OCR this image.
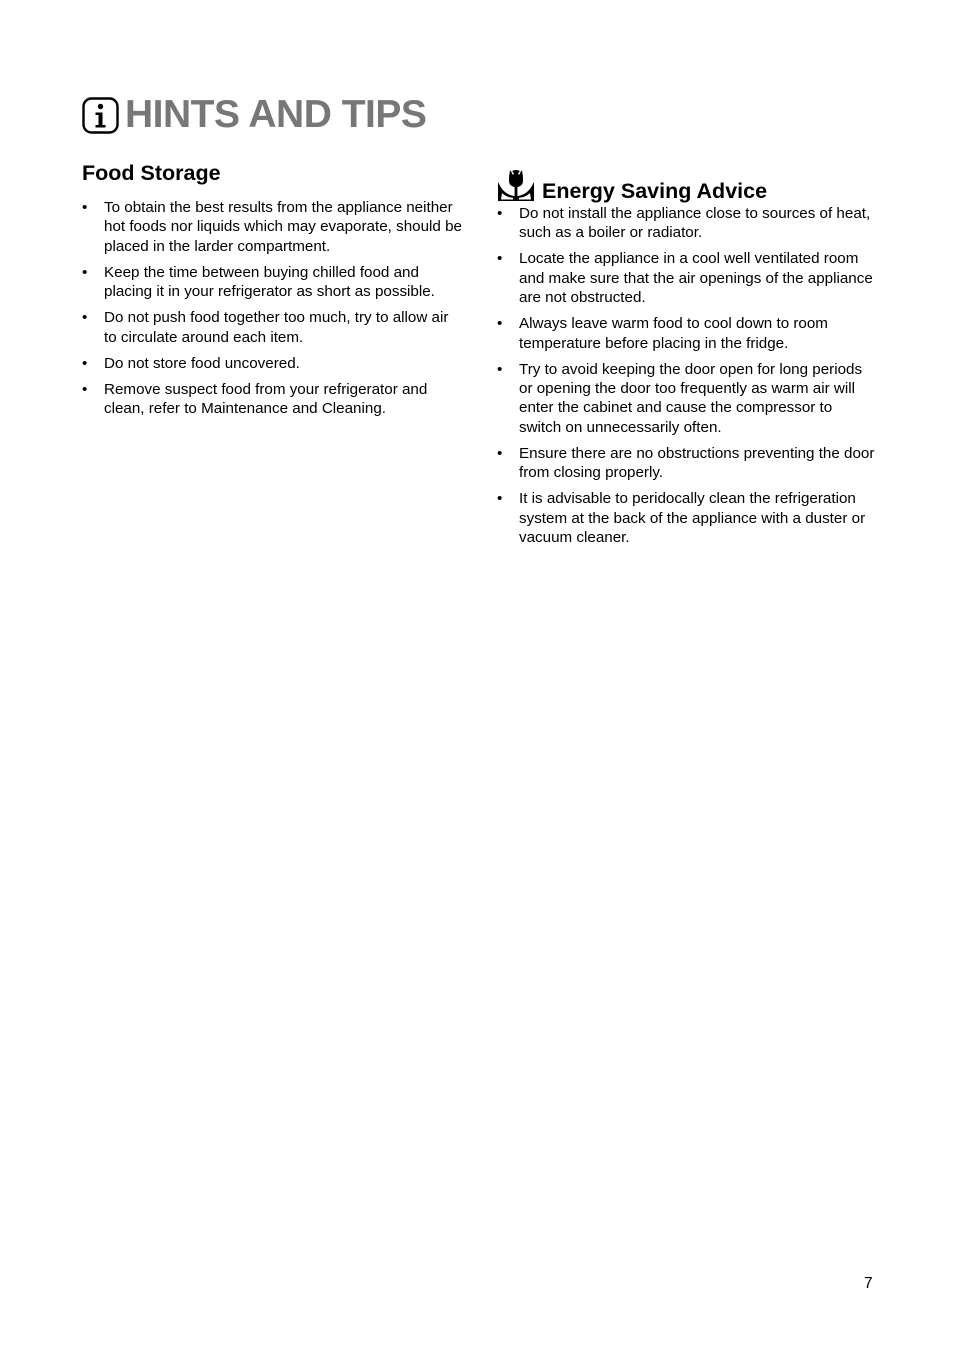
HINTS AND TIPS
Food Storage
• To obtain the best results from the appliance neither hot foods nor liquids which may evaporate, should be placed in the larder compartment.
• Keep the time between buying chilled food and placing it in your refrigerator as short as possible.
• Do not push food together too much, try to allow air to circulate around each item.
• Do not store food uncovered.
• Remove suspect food from your refrigerator and clean, refer to Maintenance and Cleaning.
Energy Saving Advice
• Do not install the appliance close to sources of heat, such as a boiler or radiator.
• Locate the appliance in a cool well ventilated room and make sure that the air openings of the appliance are not obstructed.
• Always leave warm food to cool down to room temperature before placing in the fridge.
• Try to avoid keeping the door open for long periods or opening the door too frequently as warm air will enter the cabinet and cause the compressor to switch on unnecessarily often.
• Ensure there are no obstructions preventing the door from closing properly.
• It is advisable to peridocally clean the refrigeration system at the back of the appliance with a duster or vacuum cleaner.
7
